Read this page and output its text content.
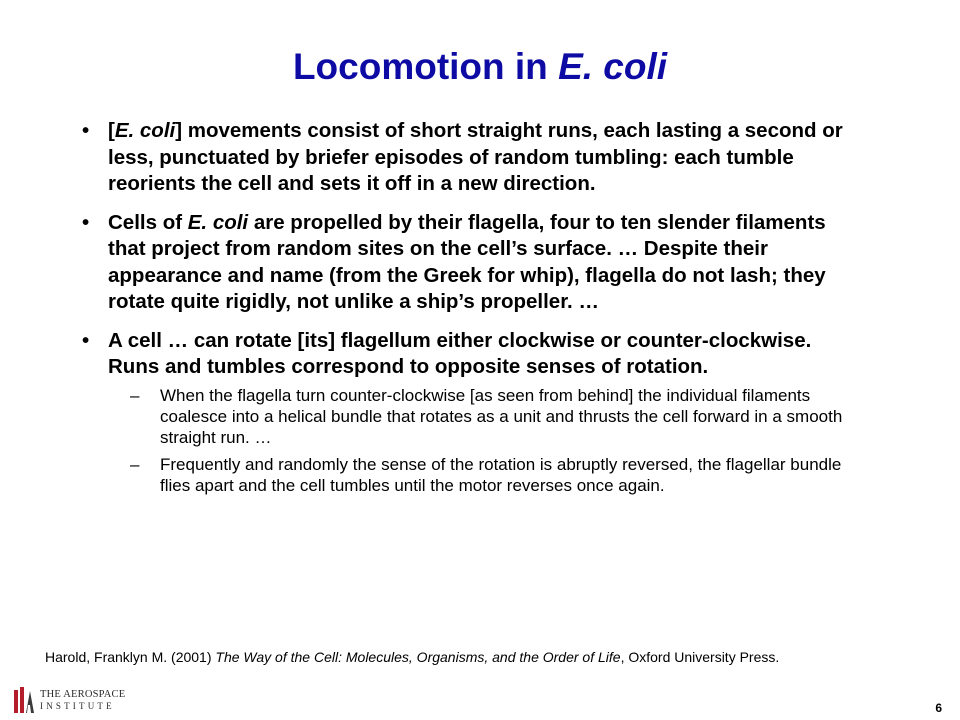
Locomotion in E. coli
• [E. coli] movements consist of short straight runs, each lasting a second or less, punctuated by briefer episodes of random tumbling: each tumble reorients the cell and sets it off in a new direction.
• Cells of E. coli are propelled by their flagella, four to ten slender filaments that project from random sites on the cell’s surface. … Despite their appearance and name (from the Greek for whip), flagella do not lash; they rotate quite rigidly, not unlike a ship’s propeller. …
• A cell … can rotate [its] flagellum either clockwise or counter-clockwise. Runs and tumbles correspond to opposite senses of rotation.
– When the flagella turn counter-clockwise [as seen from behind] the individual filaments coalesce into a helical bundle that rotates as a unit and thrusts the cell forward in a smooth straight run. …
– Frequently and randomly the sense of the rotation is abruptly reversed, the flagellar bundle flies apart and the cell tumbles until the motor reverses once again.
Harold, Franklyn M. (2001) The Way of the Cell: Molecules, Organisms, and the Order of Life, Oxford University Press.
THE AEROSPACE
INSTITUTE	6
